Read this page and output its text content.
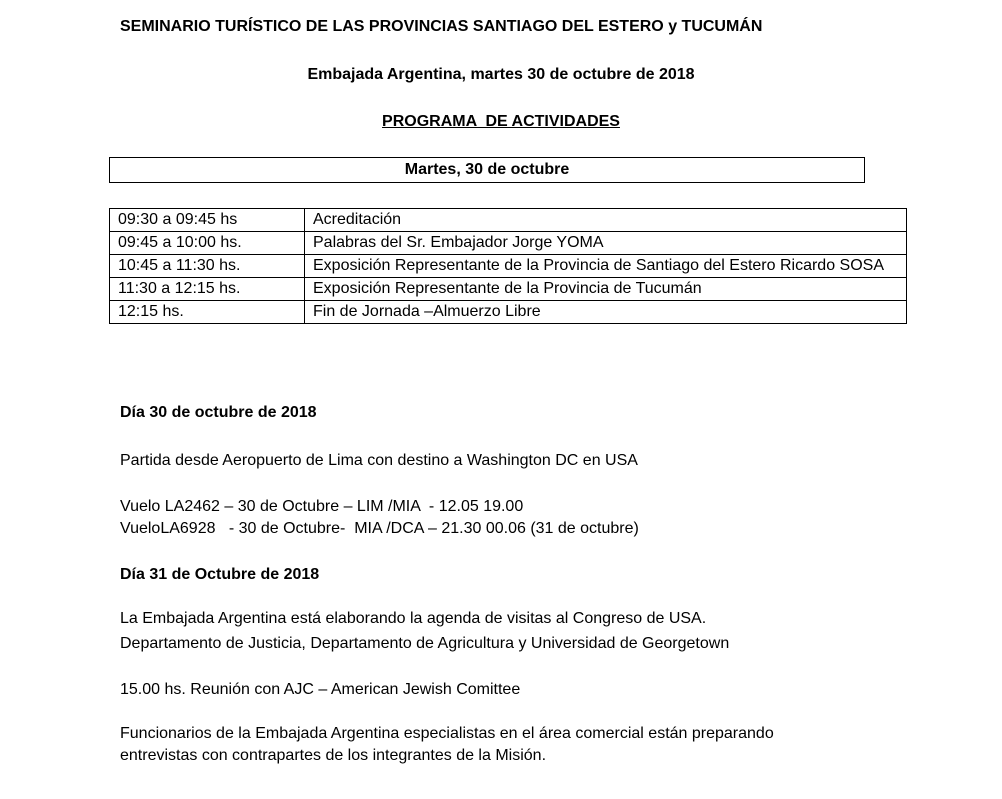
SEMINARIO TURÍSTICO DE LAS PROVINCIAS SANTIAGO DEL ESTERO y TUCUMÁN
Embajada Argentina, martes 30 de octubre de 2018
PROGRAMA  DE ACTIVIDADES
Martes, 30 de octubre
09:30 a 09:45 hs	Acreditación
09:45 a 10:00 hs.	Palabras del Sr. Embajador Jorge YOMA
10:45 a 11:30 hs.	Exposición Representante de la Provincia de Santiago del Estero Ricardo SOSA
11:30 a 12:15 hs.	Exposición Representante de la Provincia de Tucumán
12:15 hs.	Fin de Jornada –Almuerzo Libre
Día 30 de octubre de 2018
Partida desde Aeropuerto de Lima con destino a Washington DC en USA
Vuelo LA2462 – 30 de Octubre – LIM /MIA  - 12.05 19.00
VueloLA6928   - 30 de Octubre-  MIA /DCA – 21.30 00.06 (31 de octubre)
Día 31 de Octubre de 2018
La Embajada Argentina está elaborando la agenda de visitas al Congreso de USA.
Departamento de Justicia, Departamento de Agricultura y Universidad de Georgetown
15.00 hs. Reunión con AJC – American Jewish Comittee
Funcionarios de la Embajada Argentina especialistas en el área comercial están preparando
entrevistas con contrapartes de los integrantes de la Misión.
